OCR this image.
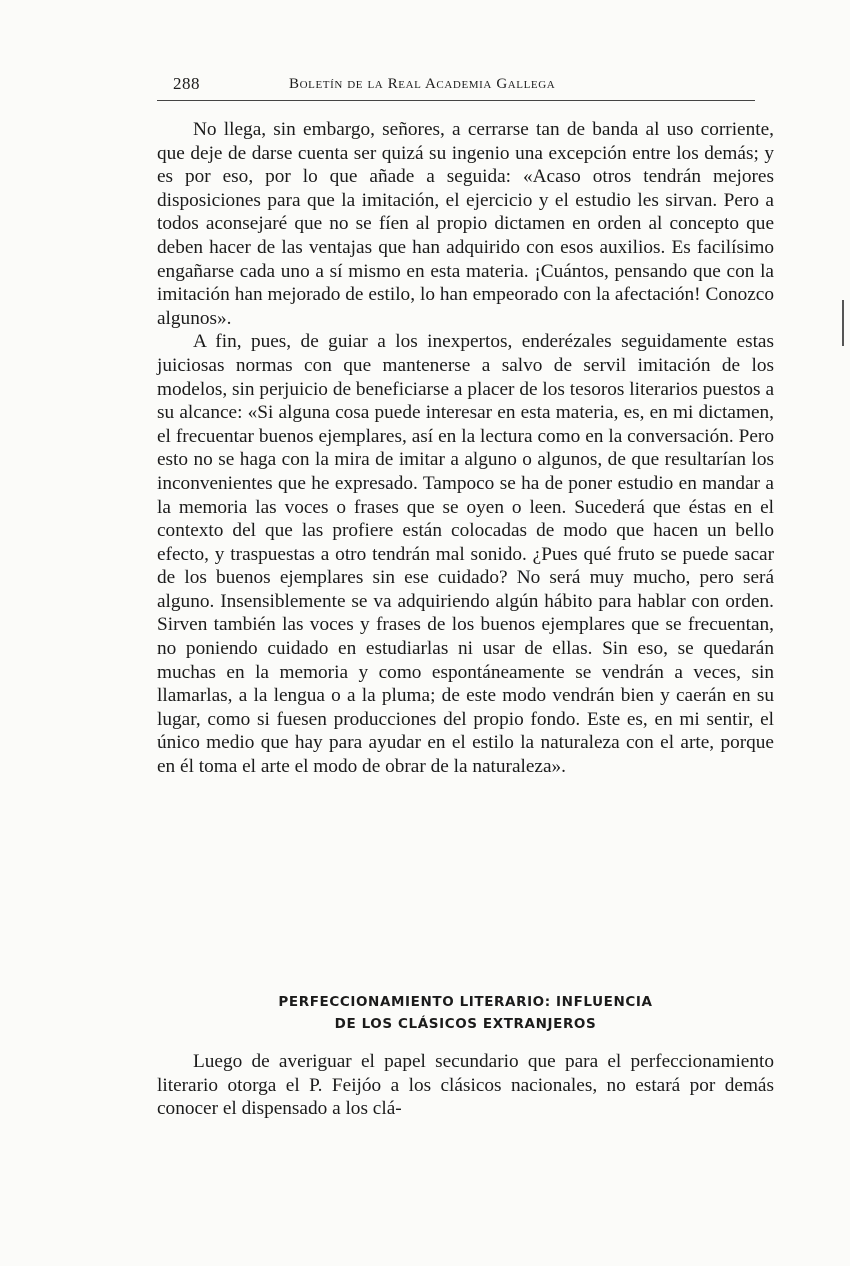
288	Boletín de la Real Academia Gallega

No llega, sin embargo, señores, a cerrarse tan de banda al uso corriente, que deje de darse cuenta ser quizá su ingenio una excepción entre los demás; y es por eso, por lo que añade a seguida: «Acaso otros tendrán mejores disposiciones para que la imitación, el ejercicio y el estudio les sirvan. Pero a todos aconsejaré que no se fíen al propio dictamen en orden al concepto que deben hacer de las ventajas que han adquirido con esos auxilios. Es facilísimo engañarse cada uno a sí mismo en esta materia. ¡Cuántos, pensando que con la imitación han mejorado de estilo, lo han empeorado con la afectación! Conozco algunos».

A fin, pues, de guiar a los inexpertos, enderézales seguidamente estas juiciosas normas con que mantenerse a salvo de servil imitación de los modelos, sin perjuicio de beneficiarse a placer de los tesoros literarios puestos a su alcance: «Si alguna cosa puede interesar en esta materia, es, en mi dictamen, el frecuentar buenos ejemplares, así en la lectura como en la conversación. Pero esto no se haga con la mira de imitar a alguno o algunos, de que resultarían los inconvenientes que he expresado. Tampoco se ha de poner estudio en mandar a la memoria las voces o frases que se oyen o leen. Sucederá que éstas en el contexto del que las profiere están colocadas de modo que hacen un bello efecto, y traspuestas a otro tendrán mal sonido. ¿Pues qué fruto se puede sacar de los buenos ejemplares sin ese cuidado? No será muy mucho, pero será alguno. Insensiblemente se va adquiriendo algún hábito para hablar con orden. Sirven también las voces y frases de los buenos ejemplares que se frecuentan, no poniendo cuidado en estudiarlas ni usar de ellas. Sin eso, se quedarán muchas en la memoria y como espontáneamente se vendrán a veces, sin llamarlas, a la lengua o a la pluma; de este modo vendrán bien y caerán en su lugar, como si fuesen producciones del propio fondo. Este es, en mi sentir, el único medio que hay para ayudar en el estilo la naturaleza con el arte, porque en él toma el arte el modo de obrar de la naturaleza».

PERFECCIONAMIENTO LITERARIO: INFLUENCIA
DE LOS CLÁSICOS EXTRANJEROS

Luego de averiguar el papel secundario que para el perfeccionamiento literario otorga el P. Feijóo a los clásicos nacionales, no estará por demás conocer el dispensado a los clá-
